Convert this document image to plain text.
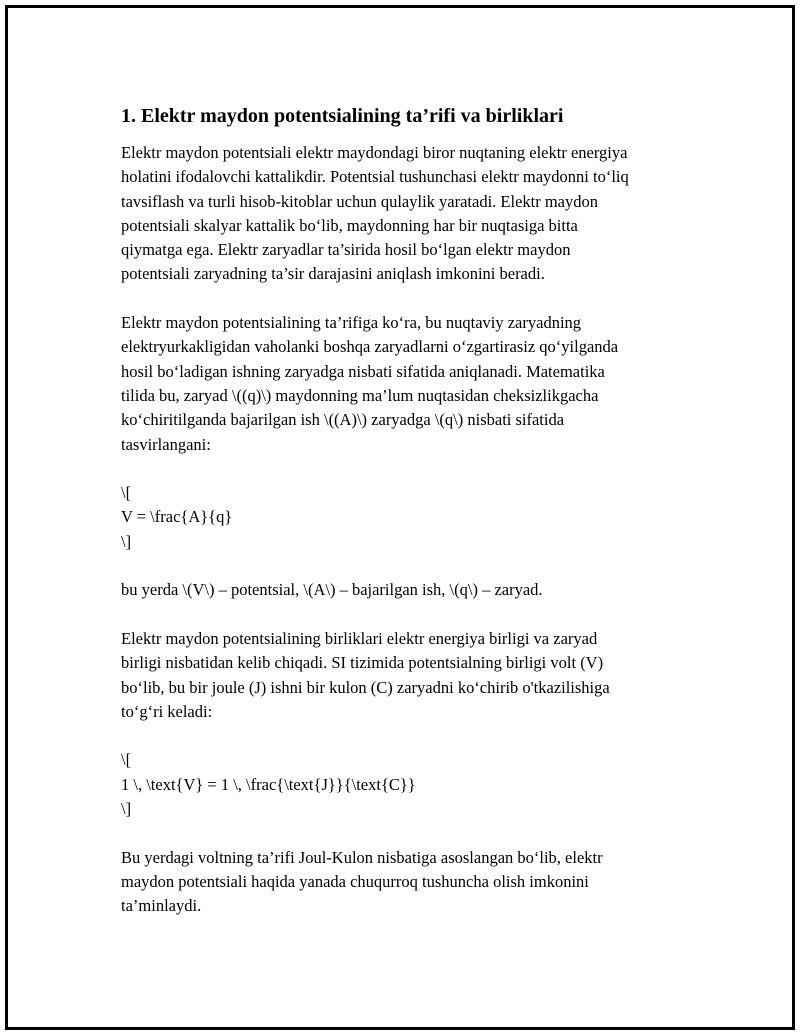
1. Elektr maydon potentsialining ta’rifi va birliklari

Elektr maydon potentsiali elektr maydondagi biror nuqtaning elektr energiya
holatini ifodalovchi kattalikdir. Potentsial tushunchasi elektr maydonni to‘liq
tavsiflash va turli hisob-kitoblar uchun qulaylik yaratadi. Elektr maydon
potentsiali skalyar kattalik bo‘lib, maydonning har bir nuqtasiga bitta
qiymatga ega. Elektr zaryadlar ta’sirida hosil bo‘lgan elektr maydon
potentsiali zaryadning ta’sir darajasini aniqlash imkonini beradi.

Elektr maydon potentsialining ta’rifiga ko‘ra, bu nuqtaviy zaryadning
elektryurkakligidan vaholanki boshqa zaryadlarni o‘zgartirasiz qo‘yilganda
hosil bo‘ladigan ishning zaryadga nisbati sifatida aniqlanadi. Matematika
tilida bu, zaryad \((q)\) maydonning ma’lum nuqtasidan cheksizlikgacha
ko‘chiritilganda bajarilgan ish \((A)\) zaryadga \(q\) nisbati sifatida
tasvirlangani:

\[

V = \frac{A}{q}

\]

bu yerda \(V\) – potentsial, \(A\) – bajarilgan ish, \(q\) – zaryad.

Elektr maydon potentsialining birliklari elektr energiya birligi va zaryad
birligi nisbatidan kelib chiqadi. SI tizimida potentsialning birligi volt (V)
bo‘lib, bu bir joule (J) ishni bir kulon (C) zaryadni ko‘chirib o'tkazilishiga
to‘g‘ri keladi:

\[

1 \, \text{V} = 1 \, \frac{\text{J}}{\text{C}}

\]

Bu yerdagi voltning ta’rifi Joul-Kulon nisbatiga asoslangan bo‘lib, elektr
maydon potentsiali haqida yanada chuqurroq tushuncha olish imkonini
ta’minlaydi.
